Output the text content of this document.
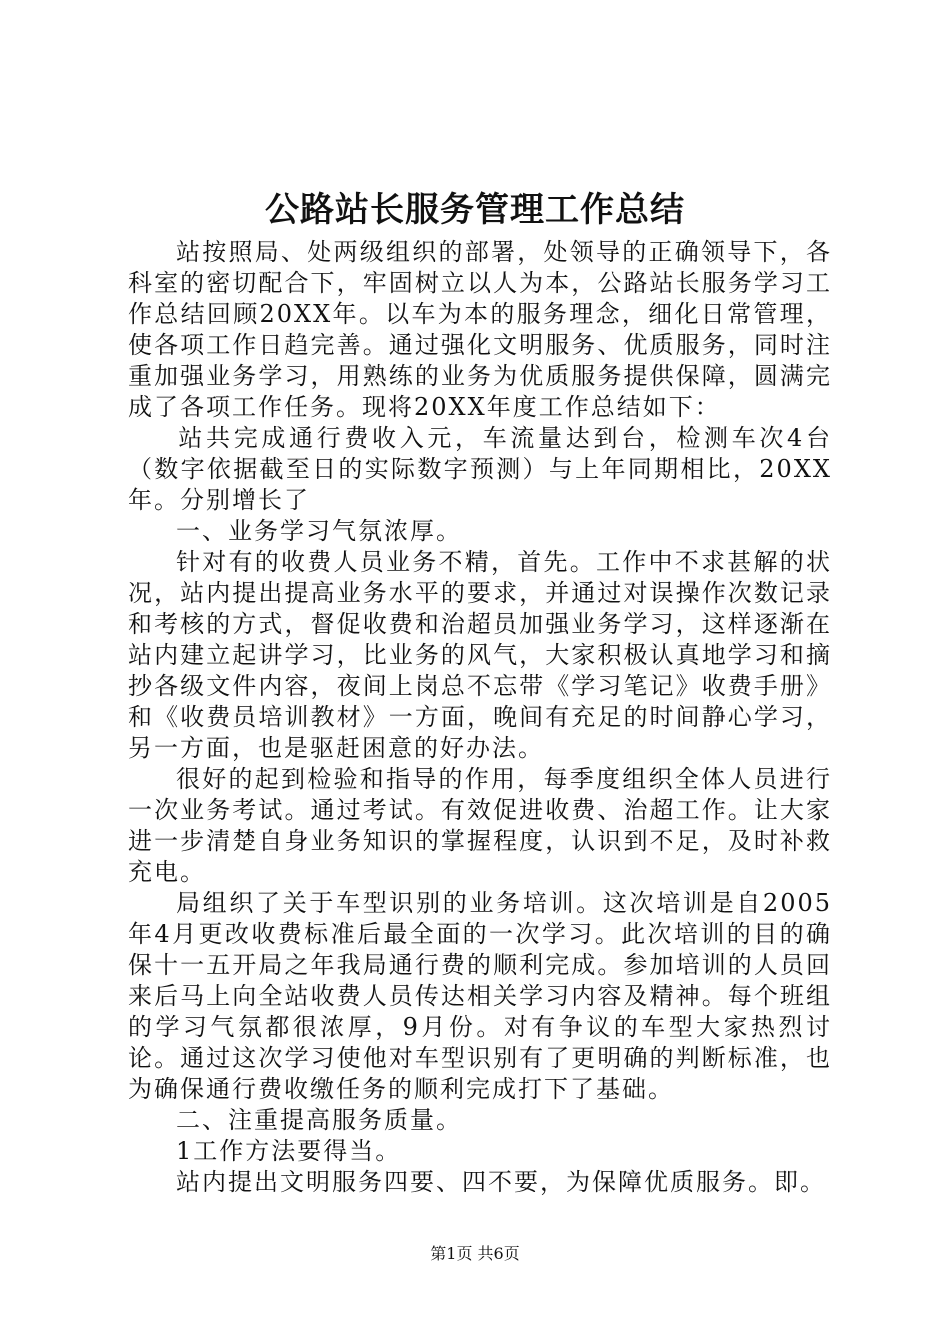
公路站长服务管理工作总结

站按照局、处两级组织的部署，处领导的正确领导下，各科室的密切配合下，牢固树立以人为本，公路站长服务学习工作总结回顾20XX年。以车为本的服务理念，细化日常管理，使各项工作日趋完善。通过强化文明服务、优质服务，同时注重加强业务学习，用熟练的业务为优质服务提供保障，圆满完成了各项工作任务。现将20XX年度工作总结如下：

站共完成通行费收入元，车流量达到台，检测车次4台（数字依据截至日的实际数字预测）与上年同期相比，20XX年。分别增长了

一、业务学习气氛浓厚。

针对有的收费人员业务不精，首先。工作中不求甚解的状况，站内提出提高业务水平的要求，并通过对误操作次数记录和考核的方式，督促收费和治超员加强业务学习，这样逐渐在站内建立起讲学习，比业务的风气，大家积极认真地学习和摘抄各级文件内容，夜间上岗总不忘带《学习笔记》收费手册》和《收费员培训教材》一方面，晚间有充足的时间静心学习，另一方面，也是驱赶困意的好办法。

很好的起到检验和指导的作用，每季度组织全体人员进行一次业务考试。通过考试。有效促进收费、治超工作。让大家进一步清楚自身业务知识的掌握程度，认识到不足，及时补救充电。

局组织了关于车型识别的业务培训。这次培训是自2005年4月更改收费标准后最全面的一次学习。此次培训的目的确保十一五开局之年我局通行费的顺利完成。参加培训的人员回来后马上向全站收费人员传达相关学习内容及精神。每个班组的学习气氛都很浓厚，9月份。对有争议的车型大家热烈讨论。通过这次学习使他对车型识别有了更明确的判断标准，也为确保通行费收缴任务的顺利完成打下了基础。

二、注重提高服务质量。

1工作方法要得当。

站内提出文明服务四要、四不要，为保障优质服务。即。

第1页 共6页
